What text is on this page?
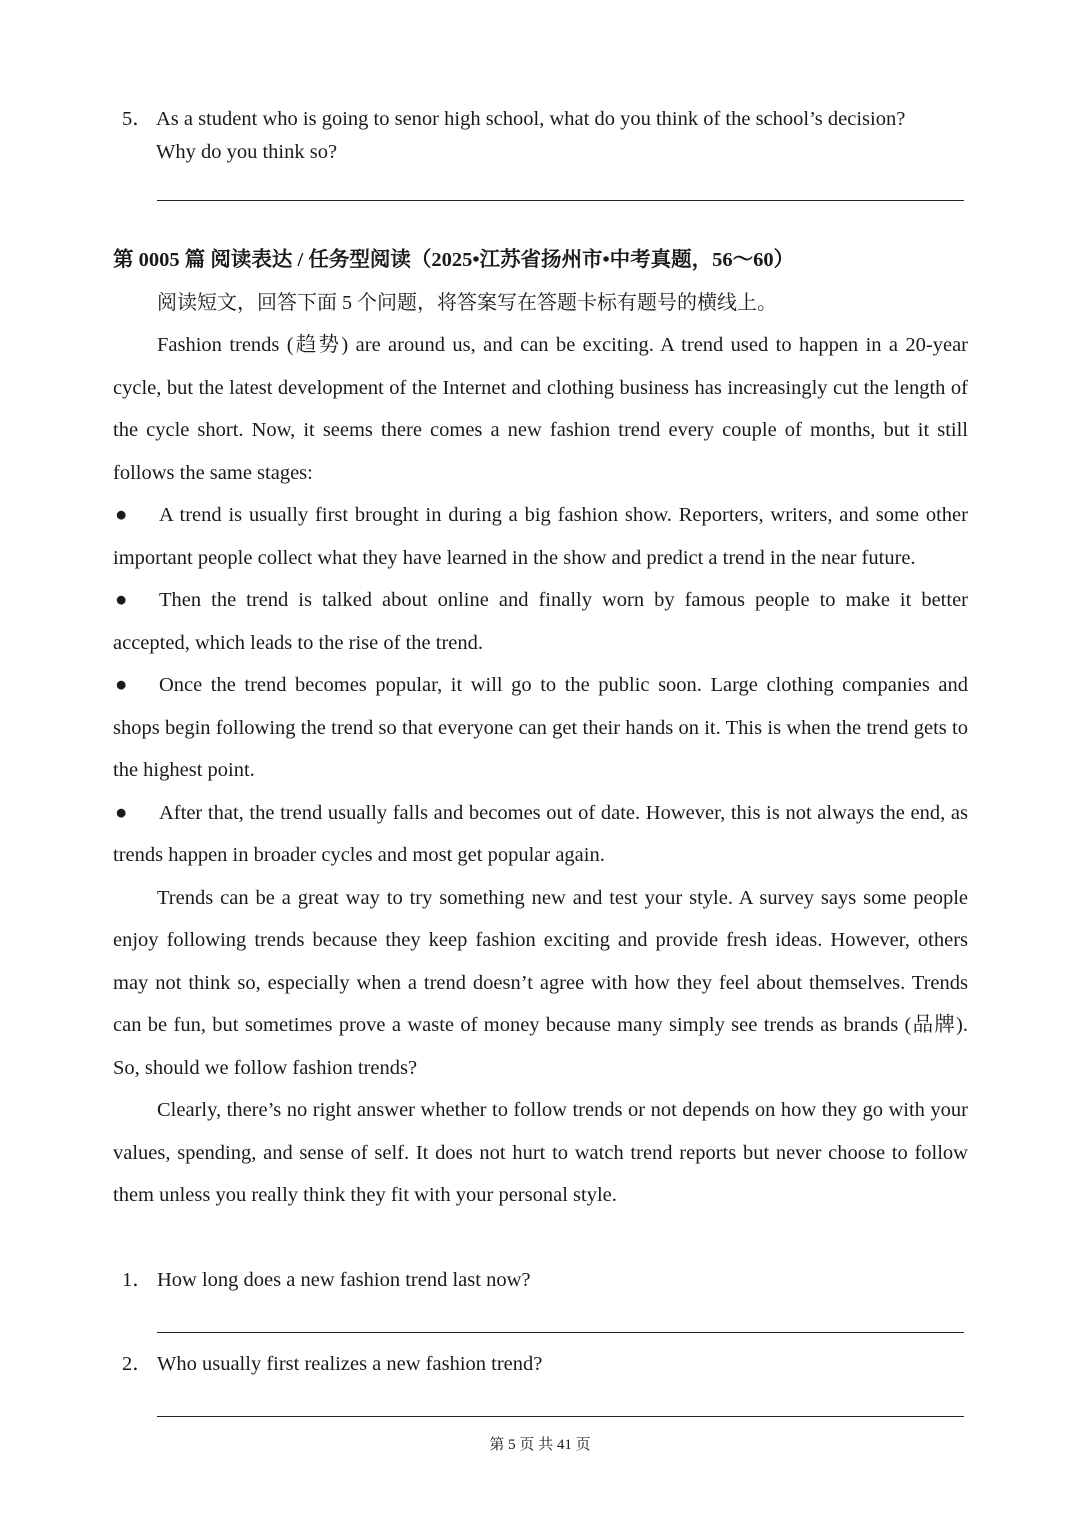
5． As a student who is going to senor high school, what do you think of the school’s decision?
Why do you think so?
第 0005 篇 阅读表达 / 任务型阅读（2025•江苏省扬州市•中考真题，56～60）
阅读短文，回答下面 5 个问题，将答案写在答题卡标有题号的横线上。

Fashion trends (趋势) are around us, and can be exciting. A trend used to happen in a 20-year cycle, but the latest development of the Internet and clothing business has increasingly cut the length of the cycle short. Now, it seems there comes a new fashion trend every couple of months, but it still follows the same stages:

● A trend is usually first brought in during a big fashion show. Reporters, writers, and some other important people collect what they have learned in the show and predict a trend in the near future.

● Then the trend is talked about online and finally worn by famous people to make it better accepted, which leads to the rise of the trend.

● Once the trend becomes popular, it will go to the public soon. Large clothing companies and shops begin following the trend so that everyone can get their hands on it. This is when the trend gets to the highest point.

● After that, the trend usually falls and becomes out of date. However, this is not always the end, as trends happen in broader cycles and most get popular again.

Trends can be a great way to try something new and test your style. A survey says some people enjoy following trends because they keep fashion exciting and provide fresh ideas. However, others may not think so, especially when a trend doesn’t agree with how they feel about themselves. Trends can be fun, but sometimes prove a waste of money because many simply see trends as brands (品牌). So, should we follow fashion trends?

Clearly, there’s no right answer whether to follow trends or not depends on how they go with your values, spending, and sense of self. It does not hurt to watch trend reports but never choose to follow them unless you really think they fit with your personal style.

1． How long does a new fashion trend last now?
2． Who usually first realizes a new fashion trend?
第 5 页 共 41 页
